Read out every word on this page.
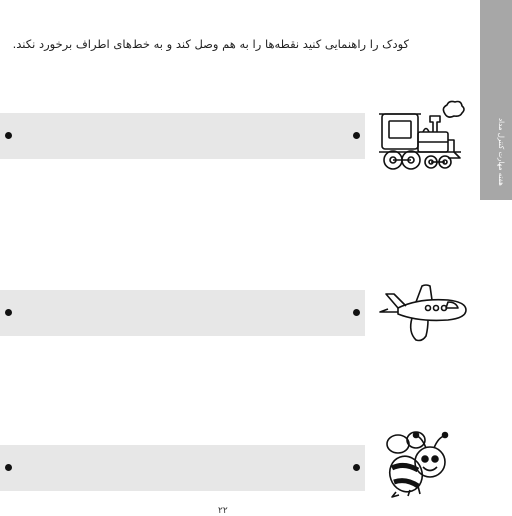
کودک را راهنمایی کنید نقطه‌ها را به هم وصل کند و به خط‌های اطراف برخورد نکند.
هفته مهارت کنترل مداد
۲۲
